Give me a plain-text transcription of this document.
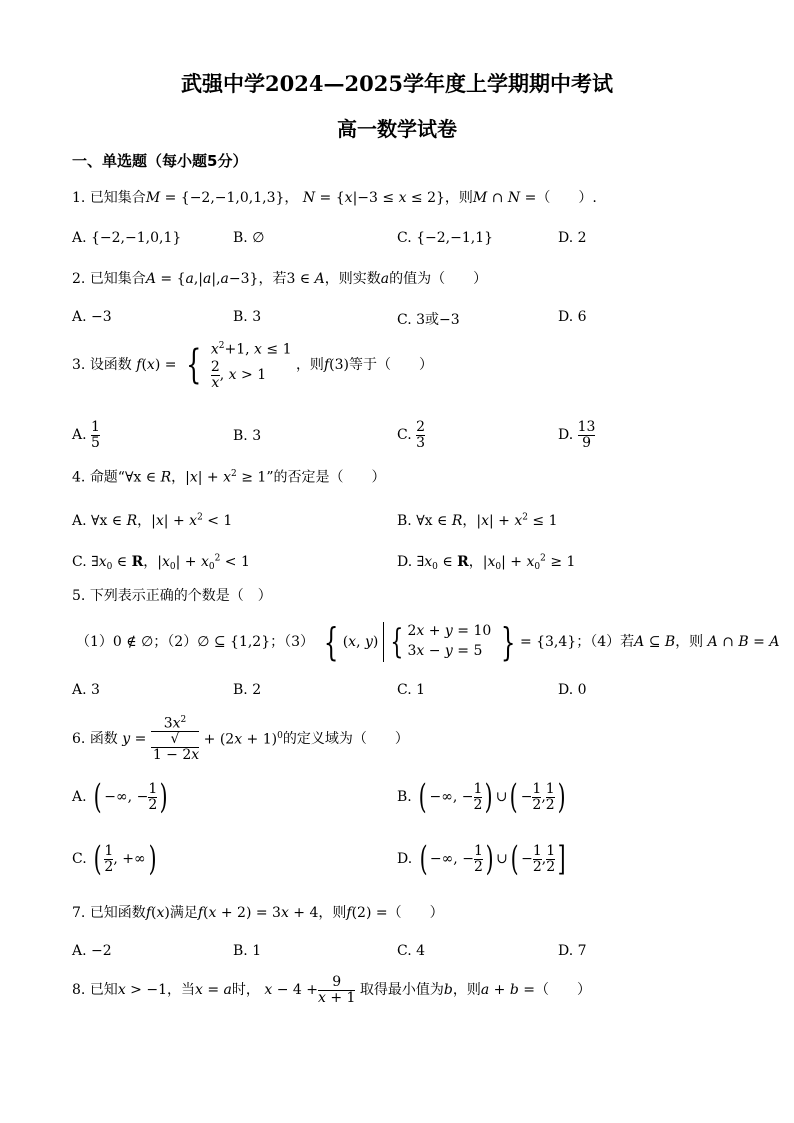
武强中学2024—2025学年度上学期期中考试
高一数学试卷
一、单选题（每小题5分）
1. 已知集合M = {−2,−1,0,1,3}， N = {x|−3 ≤ x ≤ 2}，则M ∩ N =（　　）.
A. {−2,−1,0,1}	B. ∅	C. {−2,−1,1}	D. 2
2. 已知集合A = {a,|a|,a−3}，若3 ∈ A，则实数a的值为（　　）
A. −3	B. 3	C. 3或−3	D. 6
3. 设函数 f(x) = { $x^2+1$, x ≤ 1
$\frac{2}{x}$ , x > 1
，则f(3)等于（　　）
A. $\frac{1}{5}$	B. 3	C. $\frac{2}{3}$	D. $\frac{13}{9}$
4. 命题“∀x ∈ R，$|x| + x^2 \ge 1$”的否定是（　　）
A. ∀x ∈ R，$|x| + x^2 < 1$	B. ∀x ∈ R，$|x| + x^2 \le 1$
C. $\exists x_0$ ∈ R，$|x_0| + x_0^2 < 1$	D. $\exists x_0$ ∈ R，$|x_0| + x_0^2 \ge 1$
5. 下列表示正确的个数是（　）
（1）0 ∉ ∅；（2）∅ ⊆ {1,2}；（3） { (x, y) { 2x + y = 10
3x − y = 5 } = {3,4}；（4）若A ⊆ B，则 A ∩ B = A
A. 3	B. 2	C. 1	D. 0
6. 函数 $y = 3x^2$
√
$1 - 2x + (2x + 1)^0$的定义域为（　　）
A. ( −∞, − $\frac{1}{2}$ )	B. ( −∞, − $\frac{1}{2}$ ) ∪( − $\frac{1}{2}$ , $\frac{1}{2}$ )
C. ( $\frac{1}{2}$ , +∞)	D. ( −∞, − $\frac{1}{2}$ ) ∪( − $\frac{1}{2}$ , $\frac{1}{2}$ ]
7. 已知函数f(x)满足f(x + 2) = 3x + 4，则f(2) =（　　）
A. −2	B. 1	C. 4	D. 7
8. 已知x > −1，当x = a时， $x - 4 + \frac{9}{x + 1}$ 取得最小值为b，则a + b =（　　）
